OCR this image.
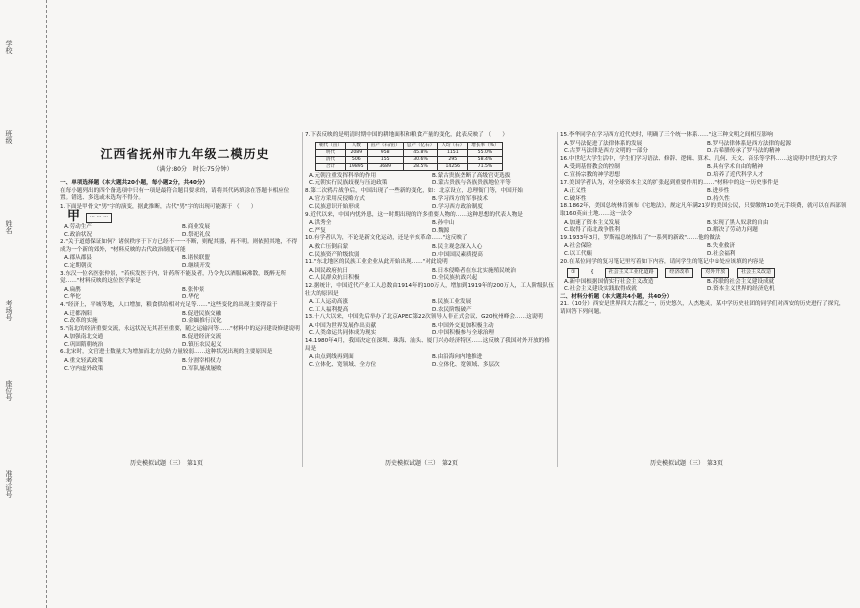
学校
班级
姓名
考场号
座位号
准考证号
江西省抚州市九年级二模历史
（满分:80分　时长:75分钟）
一、单项选择题（本大题共20小题，每小题2分，共40分）
在每小题列出的四个备选项中只有一项是最符合题目要求的，请将其代码填涂在答题卡相应位置。错选、多选或未选均不得分。
1.下面是甲骨文"男"字的演变，据此推断，古代"男"字的出现可能源于 （　　）
甲 ⋯ ⋯ ⋯
A.劳动生产	B.商业发展
C.政治状况	D.祭祀礼仪
2."关于道德保证如何？诸侯秩序于下方已经不一一不断，则配其器，再不明。则依照其地，不得成为一个新的郊外，"材料反映的古代政治制度可能
A.郡从郡县	B.诸侯联盟
C.定期朝贡	D.继续开发
3.东汉一位名医张仲景，"若疾发医于内，针药所不能及者，乃令先以酒服麻沸散，既醉无所觉……"材料反映的这位医学家是
A.扁鹊	B.张仲景
C.华佗	D.华佗
4."经济上，平城等地，人口增加，粮食供给相对充足等……"这些变化的出现主要得益于
A.迁都洛阳	B.促进民族交融
C.改革的实施	D.金缅推行汉化
5."南北的经济重要交流，永远状况无其甚至重要，随之运输河等……"材料中的运河建设修建说明
A.加强南北交通	B.促进经济交流
C.巩固隋朝统治	D.镇压农民起义
6.北宋时，文官进士数量大为增加而北方边防力量较弱……这种状况出现的主要原因是
A.重文轻武政策	B.分割宰相权力
C.守内虚外政策	D.军队屡战屡败
7.下表反映的是明清时期中国的耕地面积和粮食产量的变化，此表反映了 （　　）
朝代（亩）	人数	亩产（石/亩）	总产（亿石）	人均（石）	增长率（%）
明代	2089	958	45.8%	1151	55.0%
清代	506	155	30.6%	295	58.4%
合计	19895	3689	28.5%	14256	71.5%
A.元朝注重发挥科举的作用	B.蒙古贵族垄断了高级官吏选拔
C.元朝实行民族歧视与压迫政策	D.蒙古贵族与各族贵族地位平等
8.第二次鸦片战争后，中国出现了一些新的变化，如：北京设立，总理衙门等，中国开始
A.官方采用反侵略方式	B.学习西方的军事技术
C.民族意识开始形成	D.学习西方政治制度
9.近代以来，中国内忧外患，这一时期出现的许多重要人物的……这种思想的代表人物是
A.洪秀全	B.孙中山
C.严复	D.魏源
10.有学者认为，不论是新文化运动，还是辛亥革命……"这反映了
A.救亡压倒启蒙	B.民主观念深入人心
C.民族资产阶级软弱	D.中国国民素质提高
11."东北地区的民族工业企业从此开始出现……"对此说明
A.国民政府抗日	B.日本侵略者在东北实施殖民统治
C.人民群众抗日积极	D.全民族抗战兴起
12.据统计，中国近代产业工人总数由1914年的100万人，增加到1919年的200万人，工人阶级队伍壮大的原因是
A.工人运动高涨	B.民族工业发展
C.工人福利提高	D.农民阶级破产
13.十八大以来，中国先后举办了北京APEC第22次领导人非正式会议、G20杭州峰会……这说明
A.中国为世界发展作出贡献	B.中国外交更加积极主动
C.人类命运共同体成为现实	D.中国积极参与全球治理
14.1980年4月，我国决定在深圳、珠海、汕头、厦门兴办经济特区……这反映了我国对外开放的格局是
A.由点到线再到面	B.由沿海向内地推进
C.立体化、宽领域、全方位	D.立体化、宽领域、多层次
15.李华同学在学习西方近代史时，明确了三个统一体系……"这三种文明之间相互影响
A.罗马法促进了法律体系的发展	B.罗马法律体系是西方法律的起源
C.古罗马法律是西方文明的一部分	D.古希腊传承了罗马法的精神
16.中世纪大学生活中，学生们学习语法、修辞、逻辑、算术、几何、天文、音乐等学科……这说明中世纪的大学
A.受到基督教会的控制	B.具有学术自由的精神
C.宣扬宗教的神学思想	D.培养了近代科学人才
17.美国学者认为，对全球资本主义的扩张起到重要作用的……"材料中的这一历史事件是
A.正义性	B.进步性
C.破坏性	D.持久性
18.1862年，美国总统林肯颁布《宅地法》，规定凡年满21岁的美国公民，只要缴纳10美元手续费，就可以在西部领取160英亩土地……这一法令
A.加速了资本主义发展	B.实现了黑人奴隶的自由
C.取得了南北战争胜利	D.解决了劳动力问题
19.1933年3月，罗斯福总统推出了"一系列的新政"……他的做法
A.社会保险	B.失业救济
C.以工代赈	D.社会福利
20.在某位同学的复习笔记里写着如下内容，请问学生的笔记中①处应该填的内容是
①	{	社会主义工业化道路	经济改革	对外开放	社会主义改造
A.新中国根据国情实行社会主义改造	B.苏联的社会主义建设成就
C.社会主义建设实践取得成就	D.资本主义世界的经济危机
二、材料分析题（本大题共4小题，共40分）
21.（10分）西安是世界四大古都之一，历史悠久，人杰地灵，某中学历史社团的同学们对西安的历史进行了探究，请回答下列问题。
历史模拟试题（三）　第1页	历史模拟试题（三）　第2页	历史模拟试题（三）　第3页
